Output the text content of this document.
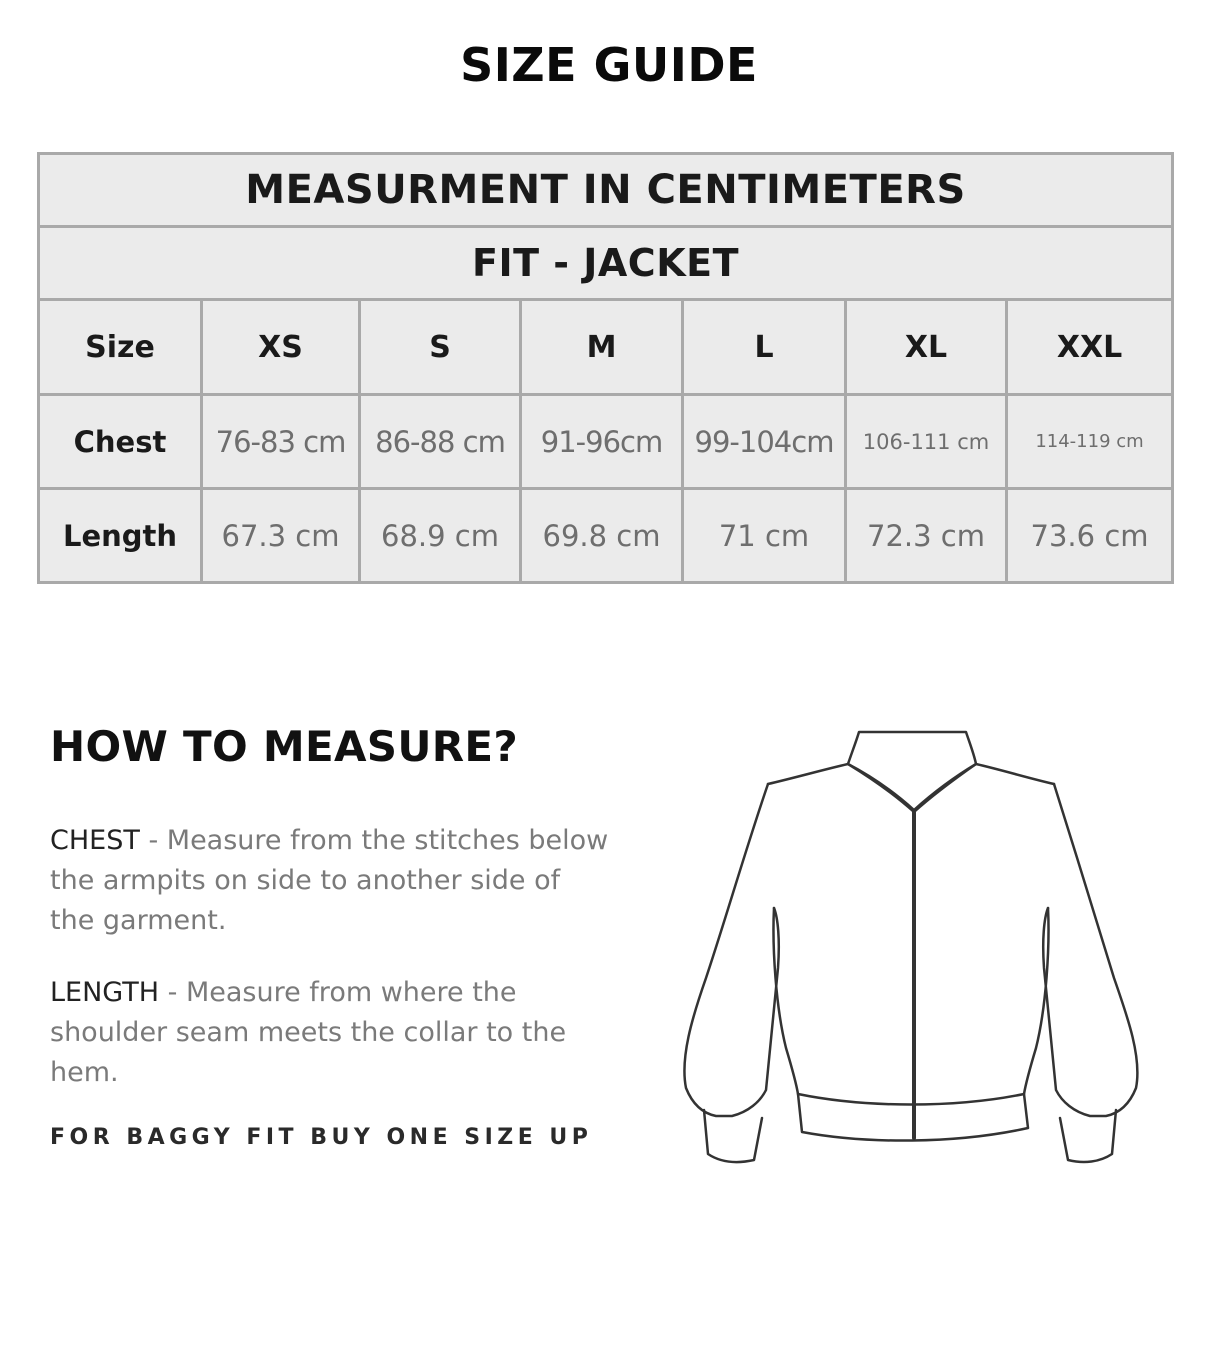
SIZE GUIDE
MEASURMENT IN CENTIMETERS						
FIT - JACKET						
Size	XS	S	M	L	XL	XXL
Chest	76-83 cm	86-88 cm	91-96cm	99-104cm	106-111 cm	114-119 cm
Length	67.3 cm	68.9 cm	69.8 cm	71 cm	72.3 cm	73.6 cm
HOW TO MEASURE?

CHEST - Measure from the stitches below the armpits on side to another side of the garment.

LENGTH - Measure from where the shoulder seam meets the collar to the hem.

FOR BAGGY FIT BUY ONE SIZE UP
